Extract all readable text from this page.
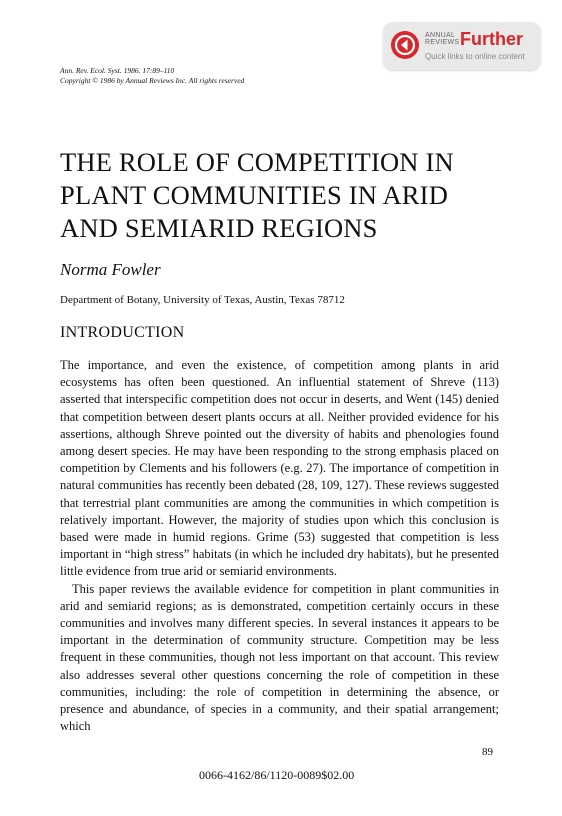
ANNUAL
REVIEWS Further
Quick links to online content
Ann. Rev. Ecol. Syst. 1986. 17:89–110
Copyright © 1986 by Annual Reviews Inc. All rights reserved
THE ROLE OF COMPETITION IN
PLANT COMMUNITIES IN ARID
AND SEMIARID REGIONS
Norma Fowler
Department of Botany, University of Texas, Austin, Texas 78712
INTRODUCTION

The importance, and even the existence, of competition among plants in arid ecosystems has often been questioned. An influential statement of Shreve (113) asserted that interspecific competition does not occur in deserts, and Went (145) denied that competition between desert plants occurs at all. Neither provided evidence for his assertions, although Shreve pointed out the diversity of habits and phenologies found among desert species. He may have been responding to the strong emphasis placed on competition by Clements and his followers (e.g. 27). The importance of competition in natural communities has recently been debated (28, 109, 127). These reviews suggested that terrestrial plant communities are among the communities in which competition is relatively important. However, the majority of studies upon which this conclusion is based were made in humid regions. Grime (53) suggested that competition is less important in “high stress” habitats (in which he included dry habitats), but he presented little evidence from true arid or semiarid environments.

This paper reviews the available evidence for competition in plant communities in arid and semiarid regions; as is demonstrated, competition certainly occurs in these communities and involves many different species. In several instances it appears to be important in the determination of community structure. Competition may be less frequent in these communities, though not less important on that account. This review also addresses several other questions concerning the role of competition in these communities, including: the role of competition in determining the absence, or presence and abundance, of species in a community, and their spatial arrangement; which

89
0066-4162/86/1120-0089$02.00
